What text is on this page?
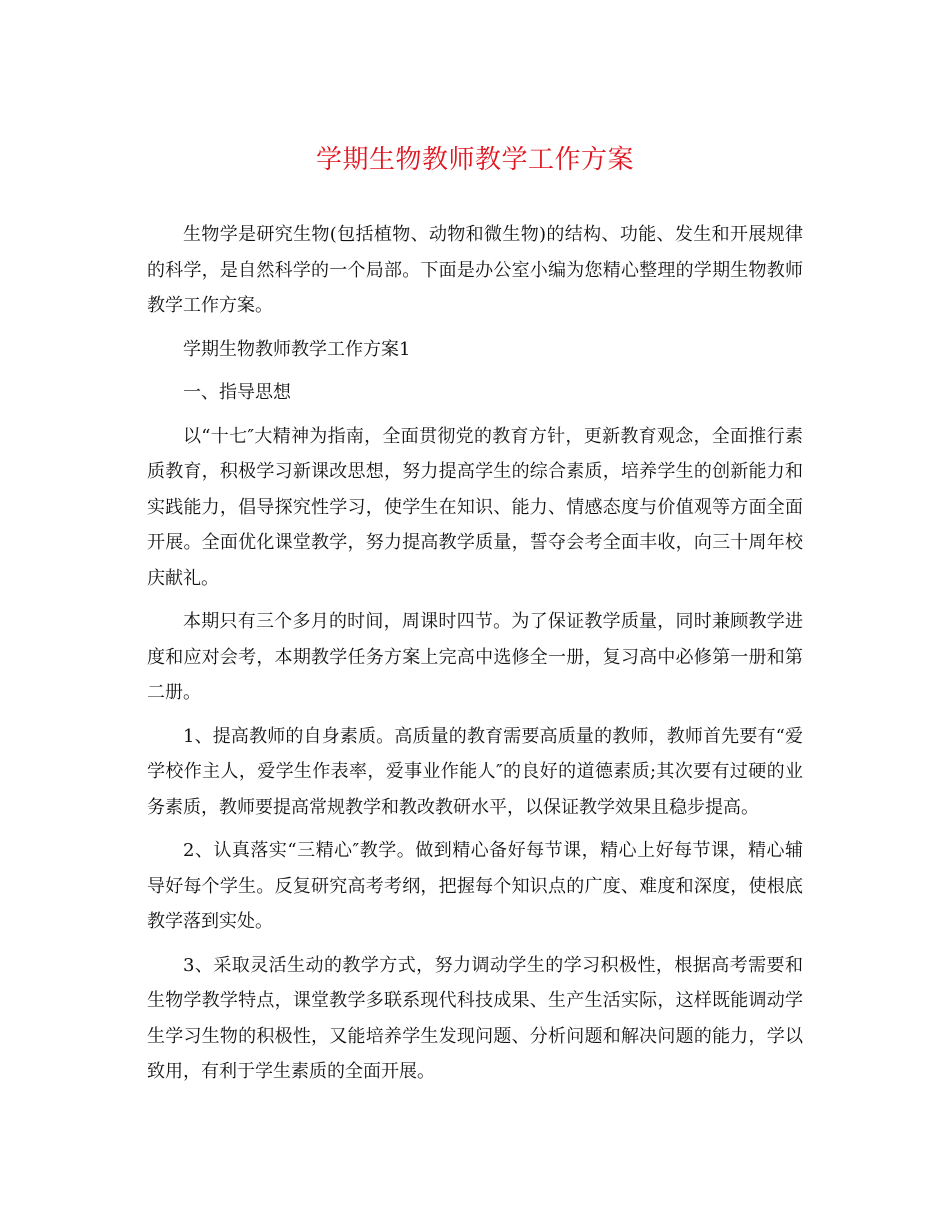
学期生物教师教学工作方案

生物学是研究生物(包括植物、动物和微生物)的结构、功能、发生和开展规律的科学，是自然科学的一个局部。下面是办公室小编为您精心整理的学期生物教师教学工作方案。

学期生物教师教学工作方案1

一、指导思想

以“十七″大精神为指南，全面贯彻党的教育方针，更新教育观念，全面推行素质教育，积极学习新课改思想，努力提高学生的综合素质，培养学生的创新能力和实践能力，倡导探究性学习，使学生在知识、能力、情感态度与价值观等方面全面开展。全面优化课堂教学，努力提高教学质量，誓夺会考全面丰收，向三十周年校庆献礼。

本期只有三个多月的时间，周课时四节。为了保证教学质量，同时兼顾教学进度和应对会考，本期教学任务方案上完高中选修全一册，复习高中必修第一册和第二册。

1、提高教师的自身素质。高质量的教育需要高质量的教师，教师首先要有“爱学校作主人，爱学生作表率，爱事业作能人″的良好的道德素质;其次要有过硬的业务素质，教师要提高常规教学和教改教研水平，以保证教学效果且稳步提高。

2、认真落实“三精心″教学。做到精心备好每节课，精心上好每节课，精心辅导好每个学生。反复研究高考考纲，把握每个知识点的广度、难度和深度，使根底教学落到实处。

3、采取灵活生动的教学方式，努力调动学生的学习积极性，根据高考需要和生物学教学特点，课堂教学多联系现代科技成果、生产生活实际，这样既能调动学生学习生物的积极性，又能培养学生发现问题、分析问题和解决问题的能力，学以致用，有利于学生素质的全面开展。
